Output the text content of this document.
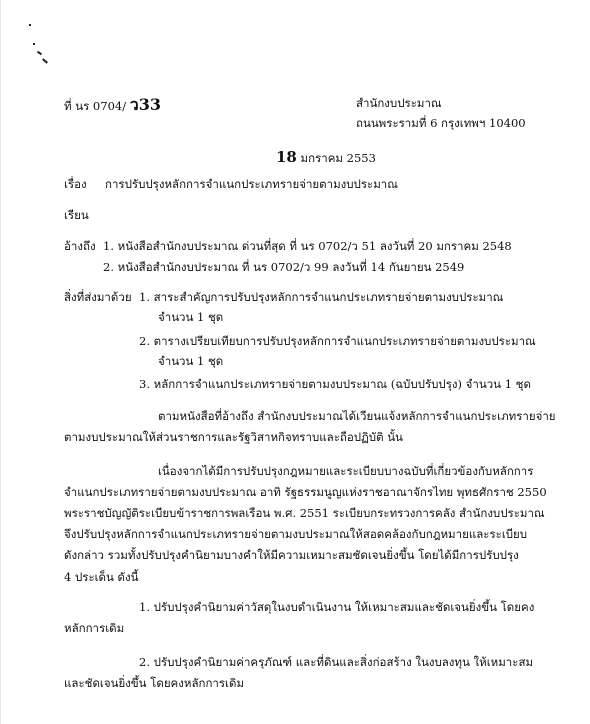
ที่ นร 0704/ ว33	สำนักงบประมาณ
ถนนพระรามที่ 6 กรุงเทพฯ 10400
18 มกราคม 2553
เรื่อง การปรับปรุงหลักการจำแนกประเภทรายจ่ายตามงบประมาณ
เรียน
อ้างถึง 1. หนังสือสำนักงบประมาณ ด่วนที่สุด ที่ นร 0702/ว 51 ลงวันที่ 20 มกราคม 2548
2. หนังสือสำนักงบประมาณ ที่ นร 0702/ว 99 ลงวันที่ 14 กันยายน 2549
สิ่งที่ส่งมาด้วย 1. สาระสำคัญการปรับปรุงหลักการจำแนกประเภทรายจ่ายตามงบประมาณ
จำนวน 1 ชุด
2. ตารางเปรียบเทียบการปรับปรุงหลักการจำแนกประเภทรายจ่ายตามงบประมาณ
จำนวน 1 ชุด
3. หลักการจำแนกประเภทรายจ่ายตามงบประมาณ (ฉบับปรับปรุง) จำนวน 1 ชุด
ตามหนังสือที่อ้างถึง สำนักงบประมาณได้เวียนแจ้งหลักการจำแนกประเภทรายจ่าย
ตามงบประมาณให้ส่วนราชการและรัฐวิสาหกิจทราบและถือปฏิบัติ นั้น
เนื่องจากได้มีการปรับปรุงกฎหมายและระเบียบบางฉบับที่เกี่ยวข้องกับหลักการ
จำแนกประเภทรายจ่ายตามงบประมาณ อาทิ รัฐธรรมนูญแห่งราชอาณาจักรไทย พุทธศักราช 2550
พระราชบัญญัติระเบียบข้าราชการพลเรือน พ.ศ. 2551 ระเบียบกระทรวงการคลัง สำนักงบประมาณ
จึงปรับปรุงหลักการจำแนกประเภทรายจ่ายตามงบประมาณให้สอดคล้องกับกฎหมายและระเบียบ
ดังกล่าว รวมทั้งปรับปรุงคำนิยามบางคำให้มีความเหมาะสมชัดเจนยิ่งขึ้น โดยได้มีการปรับปรุง
4 ประเด็น ดังนี้
1. ปรับปรุงคำนิยามค่าวัสดุในงบดำเนินงาน ให้เหมาะสมและชัดเจนยิ่งขึ้น โดยคง
หลักการเดิม
2. ปรับปรุงคำนิยามค่าครุภัณฑ์ และที่ดินและสิ่งก่อสร้าง ในงบลงทุน ให้เหมาะสม
และชัดเจนยิ่งขึ้น โดยคงหลักการเดิม
